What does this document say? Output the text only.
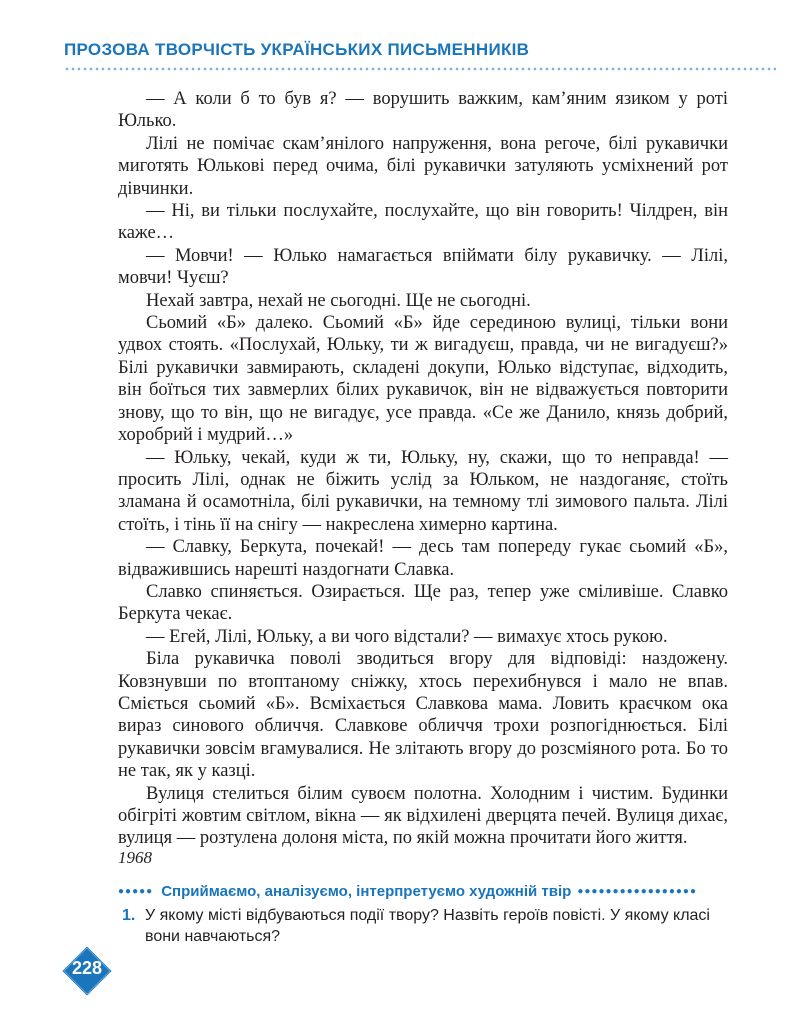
ПРОЗОВА ТВОРЧІСТЬ УКРАЇНСЬКИХ ПИСЬМЕННИКІВ

— А коли б то був я? — ворушить важким, кам’яним язиком у роті Юлько.

Лілі не помічає скам’янілого напруження, вона регоче, білі рукавички миготять Юлькові перед очима, білі рукавички затуляють усміхнений рот дівчинки.

— Ні, ви тільки послухайте, послухайте, що він говорить! Чілдрен, він каже…

— Мовчи! — Юлько намагається впіймати білу рукавичку. — Лілі, мовчи! Чуєш?

Нехай завтра, нехай не сьогодні. Ще не сьогодні.

Сьомий «Б» далеко. Сьомий «Б» йде серединою вулиці, тільки вони удвох стоять. «Послухай, Юльку, ти ж вигадуєш, правда, чи не вигадуєш?» Білі рукавички завмирають, складені докупи, Юлько відступає, відходить, він боїться тих завмерлих білих рукавичок, він не відважується повторити знову, що то він, що не вигадує, усе правда. «Се же Данило, князь добрий, хоробрий і мудрий…»

— Юльку, чекай, куди ж ти, Юльку, ну, скажи, що то неправда! — просить Лілі, однак не біжить услід за Юльком, не наздоганяє, стоїть зламана й осамотніла, білі рукавички, на темному тлі зимового пальта. Лілі стоїть, і тінь її на снігу — накреслена химерно картина.

— Славку, Беркута, почекай! — десь там попереду гукає сьомий «Б», відважившись нарешті наздогнати Славка.

Славко спиняється. Озирається. Ще раз, тепер уже сміливіше. Славко Беркута чекає.

— Егей, Лілі, Юльку, а ви чого відстали? — вимахує хтось рукою.

Біла рукавичка поволі зводиться вгору для відповіді: наздожену. Ковзнувши по втоптаному сніжку, хтось перехибнувся і мало не впав. Сміється сьомий «Б». Всміхається Славкова мама. Ловить краєчком ока вираз синового обличчя. Славкове обличчя трохи розпогіднюється. Білі рукавички зовсім вгамувалися. Не злітають вгору до розсміяного рота. Бо то не так, як у казці.

Вулиця стелиться білим сувоєм полотна. Холодним і чистим. Будинки обігріті жовтим світлом, вікна — як відхилені дверцята печей. Вулиця дихає, вулиця — розтулена долоня міста, по якій можна прочитати його життя.

1968
●●●●● Сприймаємо, аналізуємо, інтерпретуємо художній твір ●●●●●●●●●●●●●●●●●
1. У якому місті відбуваються події твору? Назвіть героїв повісті. У якому класі вони навчаються?
228
